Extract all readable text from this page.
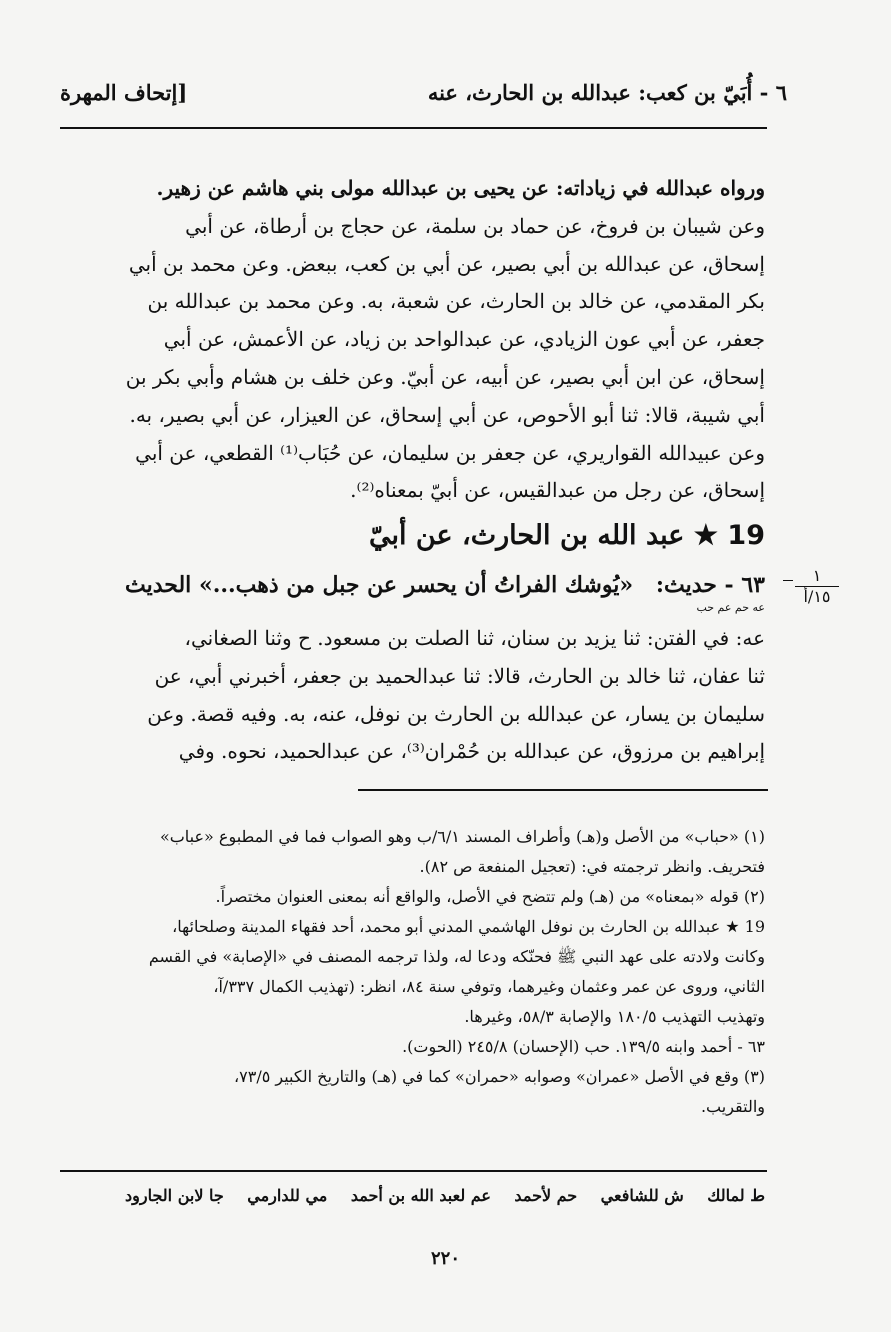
٦ - أُبَيّ بن كعب: عبدالله بن الحارث، عنه
[إتحاف المهرة
ورواه عبدالله في زياداته: عن يحيى بن عبدالله مولى بني هاشم عن زهير.
وعن شيبان بن فروخ، عن حماد بن سلمة، عن حجاج بن أرطاة، عن أبي
إسحاق، عن عبدالله بن أبي بصير، عن أبي بن كعب، ببعض. وعن محمد بن أبي
بكر المقدمي، عن خالد بن الحارث، عن شعبة، به. وعن محمد بن عبدالله بن
جعفر، عن أبي عون الزيادي، عن عبدالواحد بن زياد، عن الأعمش، عن أبي
إسحاق، عن ابن أبي بصير، عن أبيه، عن أبيّ. وعن خلف بن هشام وأبي بكر بن
أبي شيبة، قالا: ثنا أبو الأحوص، عن أبي إسحاق، عن العيزار، عن أبي بصير، به.
وعن عبيدالله القواريري، عن جعفر بن سليمان، عن حُبَاب⁽¹⁾ القطعي، عن أبي
إسحاق، عن رجل من عبدالقيس، عن أبيّ بمعناه⁽²⁾.
19 ★ عبد الله بن الحارث، عن أبيّ
٦٣ - حديث:
«يُوشك الفراتُ أن يحسر عن جبل من ذهب...» الحديث
عه حم عم حب
١
١٥/أ
عه: في الفتن: ثنا يزيد بن سنان، ثنا الصلت بن مسعود. ح وثنا الصغاني،
ثنا عفان، ثنا خالد بن الحارث، قالا: ثنا عبدالحميد بن جعفر، أخبرني أبي، عن
سليمان بن يسار، عن عبدالله بن الحارث بن نوفل، عنه، به. وفيه قصة. وعن
إبراهيم بن مرزوق، عن عبدالله بن حُمْران⁽³⁾، عن عبدالحميد، نحوه. وفي
(١) «حباب» من الأصل و(هـ) وأطراف المسند ٦/١/ب وهو الصواب فما في المطبوع «عباب»
فتحريف. وانظر ترجمته في: (تعجيل المنفعة ص ٨٢).
(٢) قوله «بمعناه» من (هـ) ولم تتضح في الأصل، والواقع أنه بمعنى العنوان مختصراً.
19 ★ عبدالله بن الحارث بن نوفل الهاشمي المدني أبو محمد، أحد فقهاء المدينة وصلحائها،
وكانت ولادته على عهد النبي ﷺ فحنّكه ودعا له، ولذا ترجمه المصنف في «الإصابة» في القسم
الثاني، وروى عن عمر وعثمان وغيرهما، وتوفي سنة ٨٤، انظر: (تهذيب الكمال ٣٣٧/آ،
وتهذيب التهذيب ١٨٠/٥ والإصابة ٥٨/٣، وغيرها.
٦٣ - أحمد وابنه ١٣٩/٥. حب (الإحسان) ٢٤٥/٨ (الحوت).
(٣) وقع في الأصل «عمران» وصوابه «حمران» كما في (هـ) والتاريخ الكبير ٧٣/٥،
والتقريب.
ط لمالك
ش للشافعي
حم لأحمد
عم لعبد الله بن أحمد
مي للدارمي
جا لابن الجارود
٢٢٠
